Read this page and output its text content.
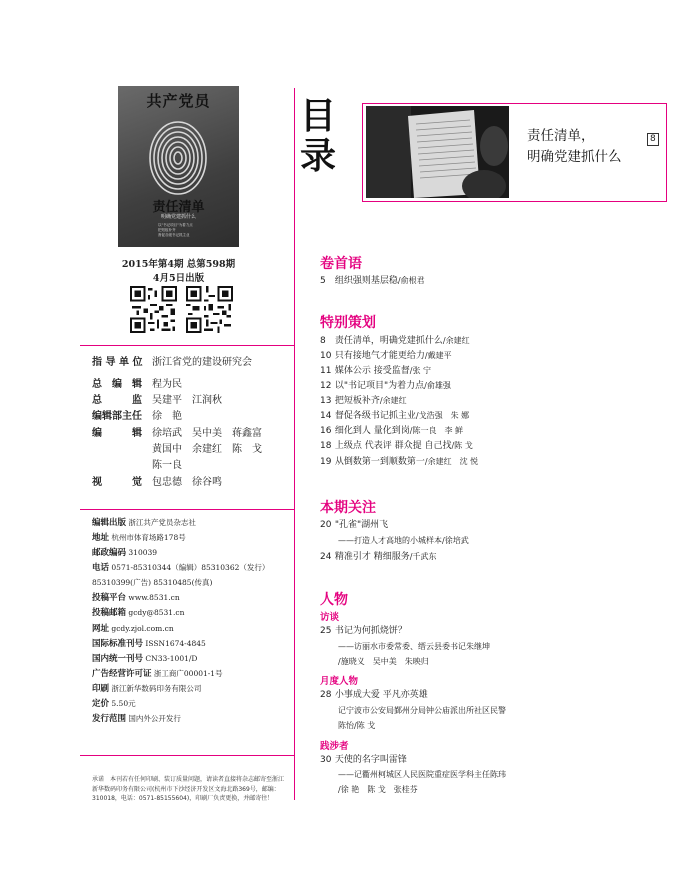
共产党员
责任清单
明确党建抓什么
以"书记项目"为着力点
把短板补齐
督促各级书记抓主业
2015年第4期 总第598期
4月5日出版
指 导 单 位 浙江省党的建设研究会
总　编　辑 程为民
总　　　监 吴建平　江润秋
编辑部主任 徐　艳
编　　　辑 徐培武　吴中美　蒋鑫富
黄国中　余建红　陈　戈
陈一良
视　　　觉 包忠德　徐谷鸣
编辑出版 浙江共产党员杂志社
地址 杭州市体育场路178号
邮政编码 310039
电话 0571-85310344（编辑）85310362（发行）
85310399(广告) 85310485(传真)
投稿平台 www.8531.cn
投稿邮箱 gcdy@8531.cn
网址 gcdy.zjol.com.cn
国际标准刊号 ISSN1674-4845
国内统一刊号 CN33-1001/D
广告经营许可证 浙工商广00001-1号
印刷 浙江新华数码印务有限公司
定价 5.50元
发行范围 国内外公开发行
承诺　本刊若有任何印刷、装订质量问题，请读者直接将杂志邮寄至浙江新华数码印务有限公司(杭州市下沙经济开发区文海北路369号，邮编：310018，电话：0571-85155604)，印刷厂负责更换，并邮寄往！
目录	责任清单，
明确党建抓什么
8
卷首语
5 组织强则基层稳/俞根君
特别策划
8 责任清单，明确党建抓什么/余建红
10 只有接地气才能更给力/戴建平
11 媒体公示 接受监督/张 宁
12 以"书记项目"为着力点/俞雄强
13 把短板补齐/余建红
14 督促各级书记抓主业/戈浩强　朱 娜
16 细化到人 量化到岗/陈一良　李 鲜
18 上级点 代表评 群众提 自己找/陈 戈
19 从倒数第一到顺数第一/余建红　沈 悦
本期关注
20 "孔雀"湖州飞
——打造人才高地的小城样本/徐培武
24 精准引才 精细服务/千武东
人物
访谈
25 书记为何抓烧饼？
——访丽水市委常委、缙云县委书记朱继坤
/施晓义　吴中美　朱映归
月度人物
28 小事成大爱 平凡亦英雄
记宁波市公安局鄞州分局钟公庙派出所社区民警
陈怡/陈 戈
践涉者
30 天使的名字叫雷锋
——记衢州柯城区人民医院重症医学科主任陈玮
/徐 艳　陈 戈　张桂芬
